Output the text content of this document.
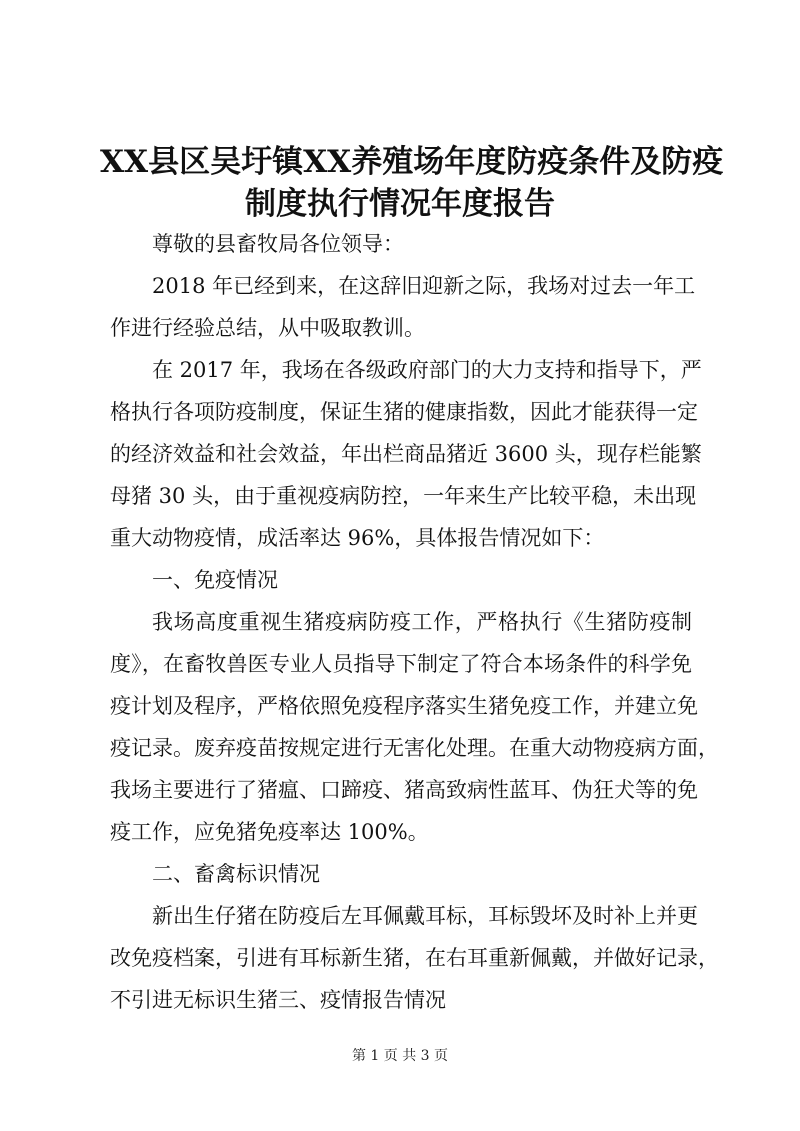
XX县区吴圩镇XX养殖场年度防疫条件及防疫
制度执行情况年度报告
尊敬的县畜牧局各位领导：
2018 年已经到来，在这辞旧迎新之际，我场对过去一年工
作进行经验总结，从中吸取教训。
在 2017 年，我场在各级政府部门的大力支持和指导下，严
格执行各项防疫制度，保证生猪的健康指数，因此才能获得一定
的经济效益和社会效益，年出栏商品猪近 3600 头，现存栏能繁
母猪 30 头，由于重视疫病防控，一年来生产比较平稳，未出现
重大动物疫情，成活率达 96%，具体报告情况如下：
一、免疫情况
我场高度重视生猪疫病防疫工作，严格执行《生猪防疫制
度》，在畜牧兽医专业人员指导下制定了符合本场条件的科学免
疫计划及程序，严格依照免疫程序落实生猪免疫工作，并建立免
疫记录。废弃疫苗按规定进行无害化处理。在重大动物疫病方面，
我场主要进行了猪瘟、口蹄疫、猪高致病性蓝耳、伪狂犬等的免
疫工作，应免猪免疫率达 100%。
二、畜禽标识情况
新出生仔猪在防疫后左耳佩戴耳标，耳标毁坏及时补上并更
改免疫档案，引进有耳标新生猪，在右耳重新佩戴，并做好记录，
不引进无标识生猪三、疫情报告情况
第 1 页 共 3 页
